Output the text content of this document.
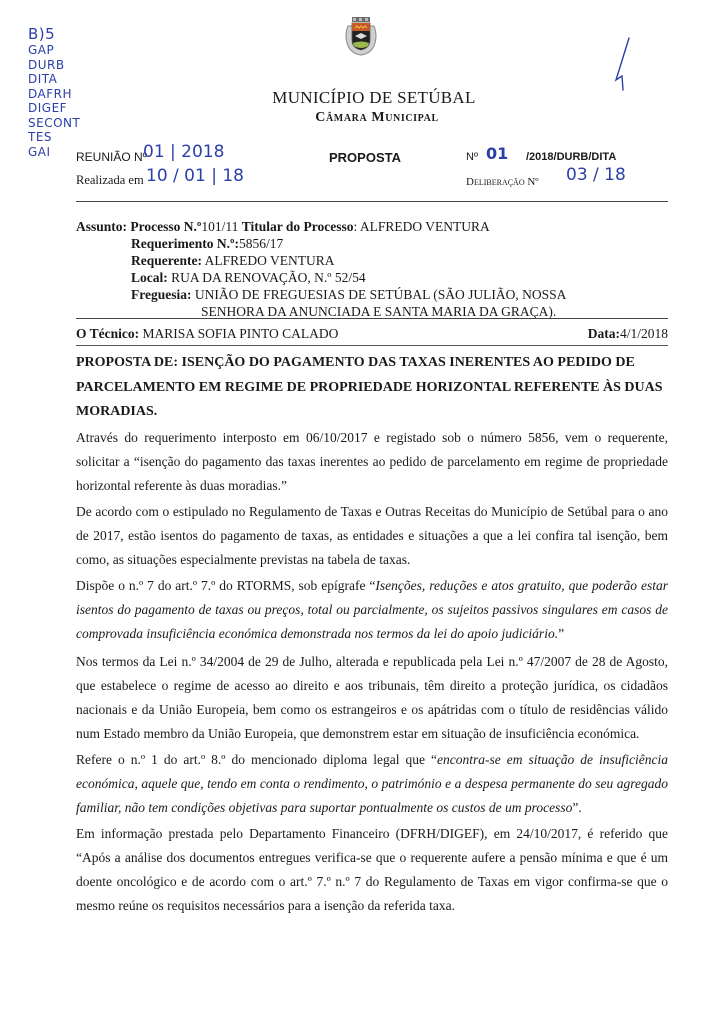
B)5
GAP
DURB
DITA
DAFRH
DIGEF
SECONT
TES
GAI
MUNICÍPIO DE SETÚBAL
Câmara Municipal
REUNIÃO Nº
01 | 2018
Realizada em 10 / 01 | 18
PROPOSTA	Nº 01 /2018/DURB/DITA
Deliberação Nº 03 / 18
Assunto: Processo N.º101/11 Titular do Processo: ALFREDO VENTURA
Requerimento N.º:5856/17
Requerente: ALFREDO VENTURA
Local: RUA DA RENOVAÇÃO, N.º 52/54
Freguesia: UNIÃO DE FREGUESIAS DE SETÚBAL (SÃO JULIÃO, NOSSA
SENHORA DA ANUNCIADA E SANTA MARIA DA GRAÇA).
O Técnico: MARISA SOFIA PINTO CALADO	Data:4/1/2018
PROPOSTA DE: ISENÇÃO DO PAGAMENTO DAS TAXAS INERENTES AO PEDIDO DE PARCELAMENTO EM REGIME DE PROPRIEDADE HORIZONTAL REFERENTE ÀS DUAS MORADIAS.
Através do requerimento interposto em 06/10/2017 e registado sob o número 5856, vem o requerente, solicitar a “isenção do pagamento das taxas inerentes ao pedido de parcelamento em regime de propriedade horizontal referente às duas moradias.”
De acordo com o estipulado no Regulamento de Taxas e Outras Receitas do Município de Setúbal para o ano de 2017, estão isentos do pagamento de taxas, as entidades e situações a que a lei confira tal isenção, bem como, as situações especialmente previstas na tabela de taxas.
Dispõe o n.º 7 do art.º 7.º do RTORMS, sob epígrafe “Isenções, reduções e atos gratuito, que poderão estar isentos do pagamento de taxas ou preços, total ou parcialmente, os sujeitos passivos singulares em casos de comprovada insuficiência económica demonstrada nos termos da lei do apoio judiciário.”
Nos termos da Lei n.º 34/2004 de 29 de Julho, alterada e republicada pela Lei n.º 47/2007 de 28 de Agosto, que estabelece o regime de acesso ao direito e aos tribunais, têm direito a proteção jurídica, os cidadãos nacionais e da União Europeia, bem como os estrangeiros e os apátridas com o título de residências válido num Estado membro da União Europeia, que demonstrem estar em situação de insuficiência económica.
Refere o n.º 1 do art.º 8.º do mencionado diploma legal que “encontra-se em situação de insuficiência económica, aquele que, tendo em conta o rendimento, o património e a despesa permanente do seu agregado familiar, não tem condições objetivas para suportar pontualmente os custos de um processo”.
Em informação prestada pelo Departamento Financeiro (DFRH/DIGEF), em 24/10/2017, é referido que “Após a análise dos documentos entregues verifica-se que o requerente aufere a pensão mínima e que é um doente oncológico e de acordo com o art.º 7.º n.º 7 do Regulamento de Taxas em vigor confirma-se que o mesmo reúne os requisitos necessários para a isenção da referida taxa.
